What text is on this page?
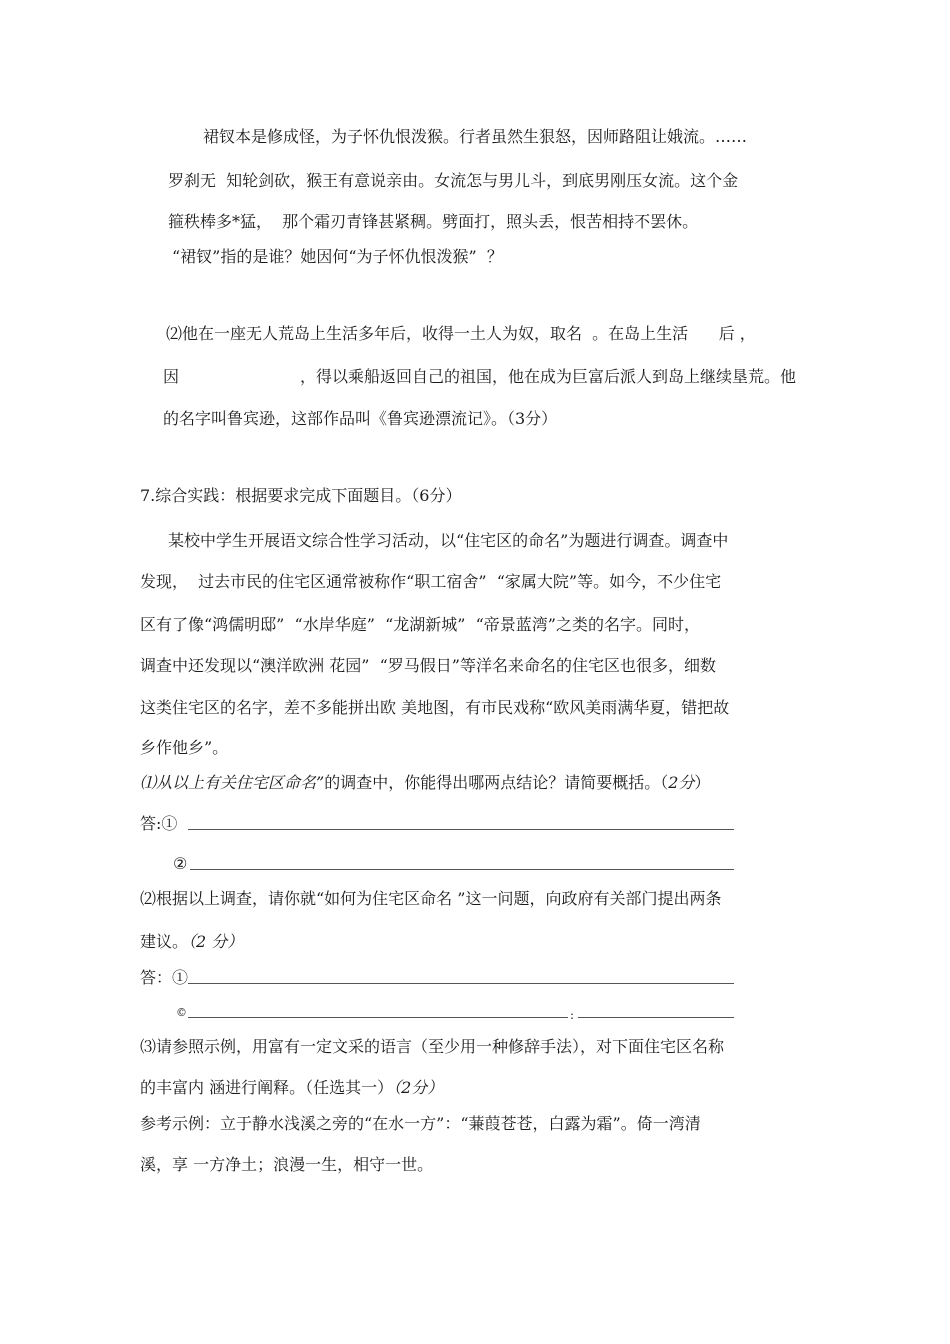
裙钗本是修成怪，为子怀仇恨泼猴。行者虽然生狠怒，因师路阻让娥流。……
罗刹无  知轮剑砍，猴王有意说亲由。女流怎与男儿斗，到底男刚压女流。这个金
箍秩棒多*猛，  那个霜刃青锋甚紧稠。劈面打，照头丢，恨苦相持不罢休。
“裙钗”指的是谁？她因何“为子怀仇恨泼猴”  ？
⑵他在一座无人荒岛上生活多年后，收得一土人为奴，取名  。在岛上生活      后 ，
因	，得以乘船返回自己的祖国，他在成为巨富后派人到岛上继续垦荒。他
的名字叫鲁宾逊，这部作品叫《鲁宾逊漂流记》。（3分）
7.综合实践：根据要求完成下面题目。（6分）
某校中学生开展语文综合性学习活动，以“住宅区的命名”为题进行调查。调查中
发现，  过去市民的住宅区通常被称作“职工宿舍”  “家属大院”等。如今，不少住宅
区有了像“鸿儒明邸”  “水岸华庭”  “龙湖新城”  “帝景蓝湾”之类的名字。同时，
调查中还发现以“澳洋欧洲 花园”  “罗马假日”等洋名来命名的住宅区也很多，细数
这类住宅区的名字，差不多能拼出欧 美地图，有市民戏称“欧风美雨满华夏，错把故
乡作他乡”。
⑴从以上有关住宅区命名”的调查中，你能得出哪两点结论？请简要概括。（2分）
答:①
②
⑵根据以上调查，请你就“如何为住宅区命名 ”这一问题，向政府有关部门提出两条
建议。（2 分）
答：①
©	:
⑶请参照示例，用富有一定文采的语言（至少用一种修辞手法），对下面住宅区名称
的丰富内 涵进行阐释。（任选其一）（2分）
参考示例：立于静水浅溪之旁的“在水一方”：“蒹葭苍苍，白露为霜”。倚一湾清
溪，享 一方净土；浪漫一生，相守一世。
